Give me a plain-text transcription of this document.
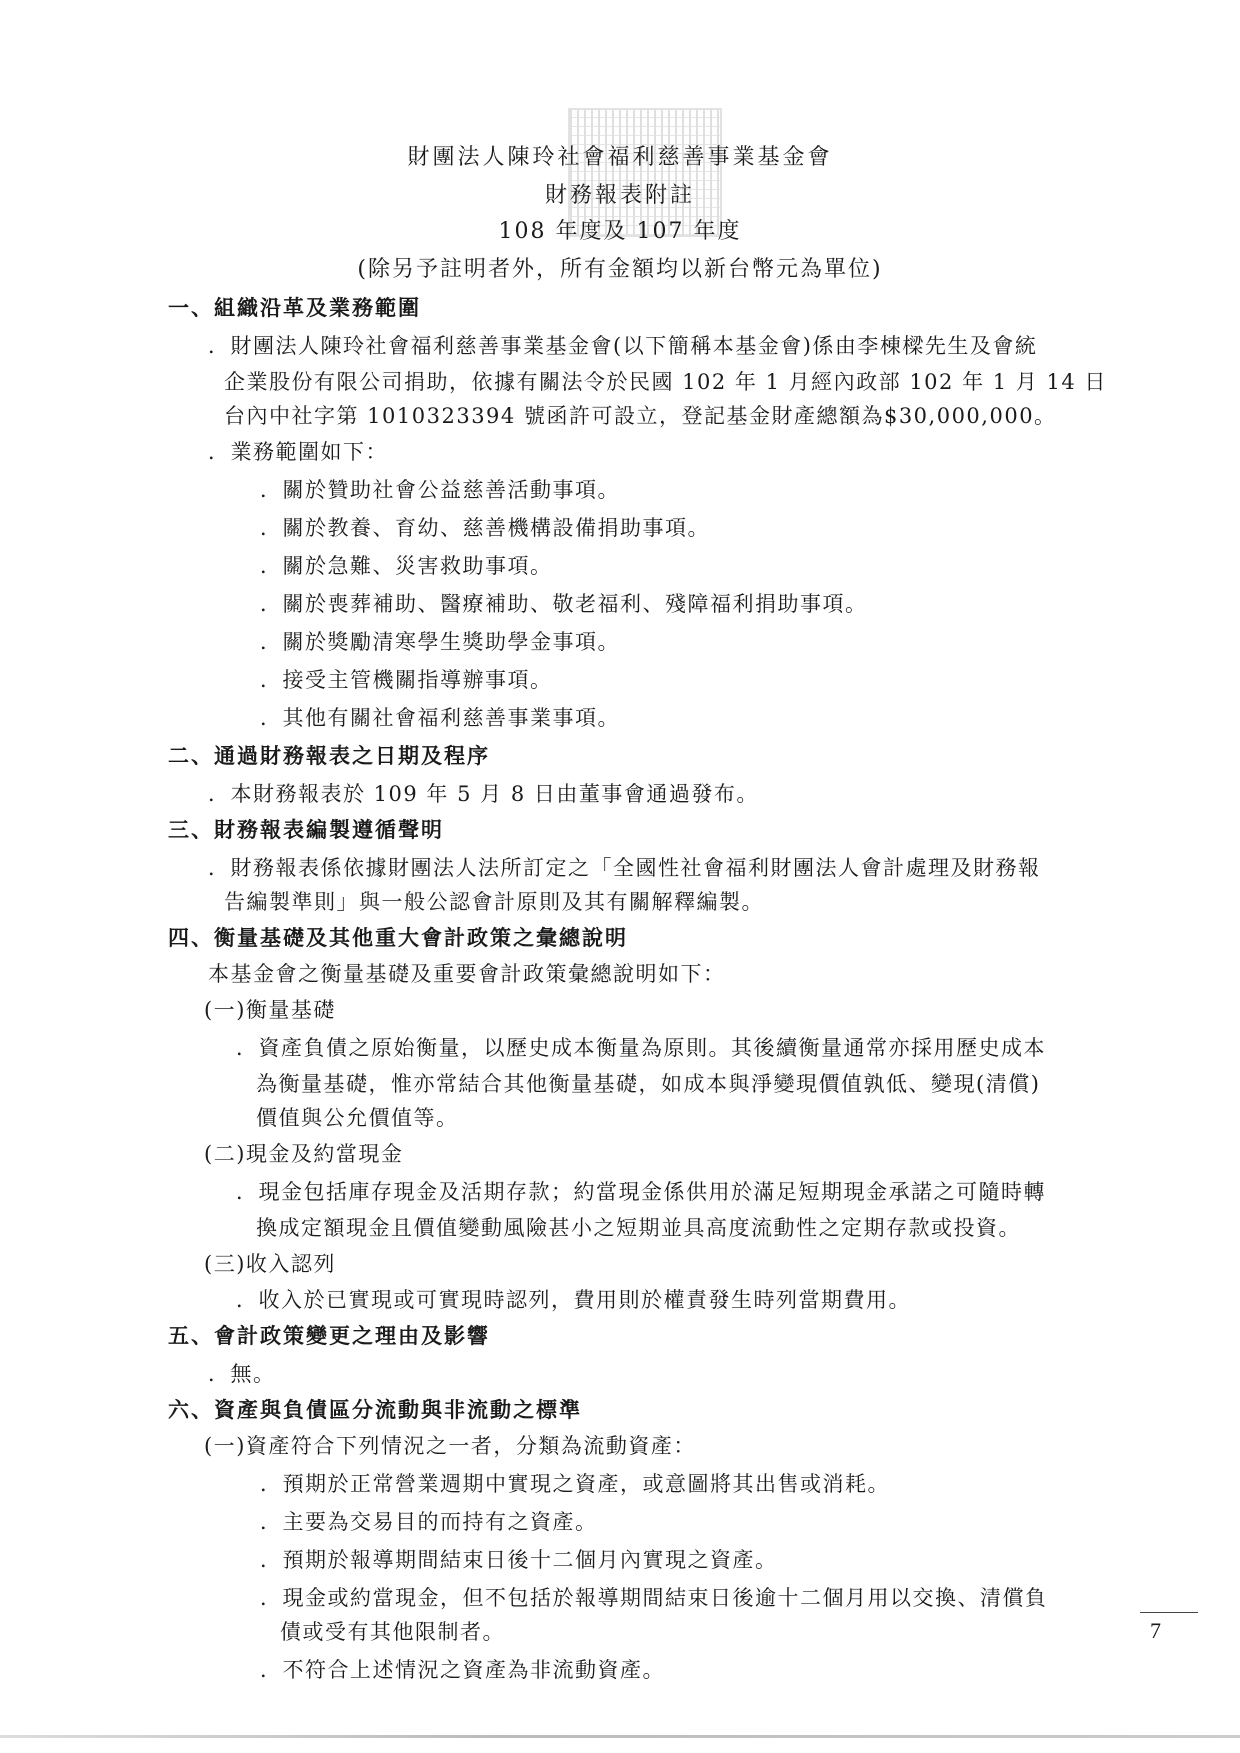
財團法人陳玲社會福利慈善事業基金會
財務報表附註
108 年度及 107 年度
(除另予註明者外，所有金額均以新台幣元為單位)
一、組織沿革及業務範圍
．財團法人陳玲社會福利慈善事業基金會(以下簡稱本基金會)係由李棟樑先生及會統
企業股份有限公司捐助，依據有關法令於民國 102 年 1 月經內政部 102 年 1 月 14 日
台內中社字第 1010323394 號函許可設立，登記基金財產總額為$30,000,000。
．業務範圍如下：
．關於贊助社會公益慈善活動事項。
．關於教養、育幼、慈善機構設備捐助事項。
．關於急難、災害救助事項。
．關於喪葬補助、醫療補助、敬老福利、殘障福利捐助事項。
．關於獎勵清寒學生獎助學金事項。
．接受主管機關指導辦事項。
．其他有關社會福利慈善事業事項。
二、通過財務報表之日期及程序
．本財務報表於 109 年 5 月 8 日由董事會通過發布。
三、財務報表編製遵循聲明
．財務報表係依據財團法人法所訂定之「全國性社會福利財團法人會計處理及財務報
告編製準則」與一般公認會計原則及其有關解釋編製。
四、衡量基礎及其他重大會計政策之彙總說明
本基金會之衡量基礎及重要會計政策彙總說明如下：
(一)衡量基礎
．資產負債之原始衡量，以歷史成本衡量為原則。其後續衡量通常亦採用歷史成本
為衡量基礎，惟亦常結合其他衡量基礎，如成本與淨變現價值孰低、變現(清償)
價值與公允價值等。
(二)現金及約當現金
．現金包括庫存現金及活期存款；約當現金係供用於滿足短期現金承諾之可隨時轉
換成定額現金且價值變動風險甚小之短期並具高度流動性之定期存款或投資。
(三)收入認列
．收入於已實現或可實現時認列，費用則於權責發生時列當期費用。
五、會計政策變更之理由及影響
．無。
六、資產與負債區分流動與非流動之標準
(一)資產符合下列情況之一者，分類為流動資產：
．預期於正常營業週期中實現之資產，或意圖將其出售或消耗。
．主要為交易目的而持有之資產。
．預期於報導期間結束日後十二個月內實現之資產。
．現金或約當現金，但不包括於報導期間結束日後逾十二個月用以交換、清償負
債或受有其他限制者。
．不符合上述情況之資產為非流動資產。
7
